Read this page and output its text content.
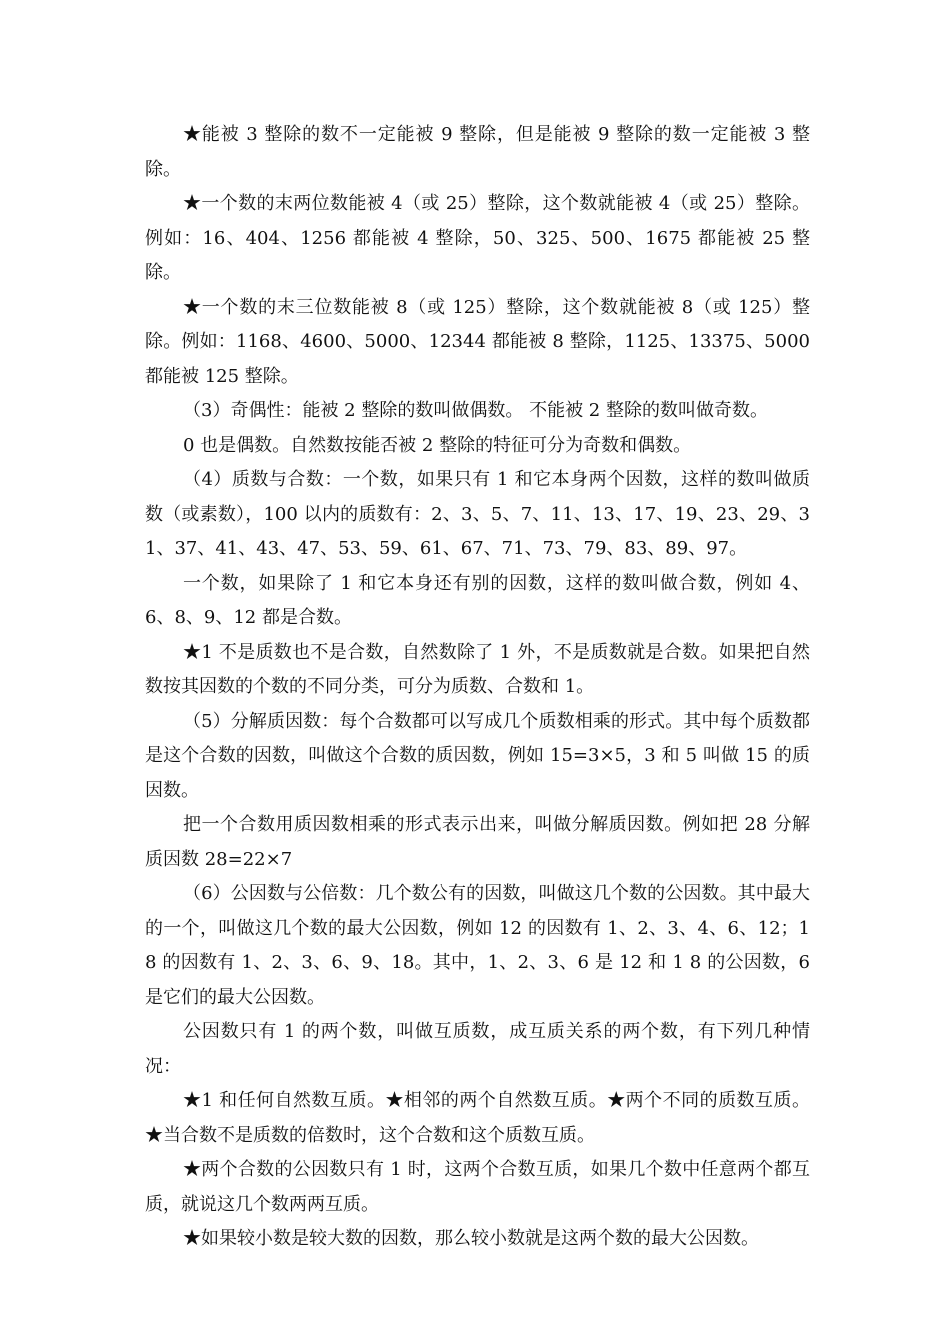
★能被 3 整除的数不一定能被 9 整除，但是能被 9 整除的数一定能被 3 整除。

★一个数的末两位数能被 4（或 25）整除，这个数就能被 4（或 25）整除。例如：16、404、1256 都能被 4 整除，50、325、500、1675 都能被 25 整除。

★一个数的末三位数能被 8（或 125）整除，这个数就能被 8（或 125）整除。例如：1168、4600、5000、12344 都能被 8 整除，1125、13375、5000 都能被 125 整除。

（3）奇偶性：能被 2 整除的数叫做偶数。 不能被 2 整除的数叫做奇数。

0 也是偶数。自然数按能否被 2 整除的特征可分为奇数和偶数。

（4）质数与合数：一个数，如果只有 1 和它本身两个因数，这样的数叫做质数（或素数），100 以内的质数有：2、3、5、7、11、13、17、19、23、29、31、37、41、43、47、53、59、61、67、71、73、79、83、89、97。

一个数，如果除了 1 和它本身还有别的因数，这样的数叫做合数，例如 4、6、8、9、12 都是合数。

★1 不是质数也不是合数，自然数除了 1 外，不是质数就是合数。如果把自然数按其因数的个数的不同分类，可分为质数、合数和 1。

（5）分解质因数：每个合数都可以写成几个质数相乘的形式。其中每个质数都是这个合数的因数，叫做这个合数的质因数，例如 15=3×5，3 和 5 叫做 15 的质因数。

把一个合数用质因数相乘的形式表示出来，叫做分解质因数。例如把 28 分解质因数 28=22×7

（6）公因数与公倍数：几个数公有的因数，叫做这几个数的公因数。其中最大的一个，叫做这几个数的最大公因数，例如 12 的因数有 1、2、3、4、6、12；18 的因数有 1、2、3、6、9、18。其中，1、2、3、6 是 12 和 1 8 的公因数，6 是它们的最大公因数。

公因数只有 1 的两个数，叫做互质数，成互质关系的两个数，有下列几种情况：

★1 和任何自然数互质。★相邻的两个自然数互质。★两个不同的质数互质。★当合数不是质数的倍数时，这个合数和这个质数互质。

★两个合数的公因数只有 1 时，这两个合数互质，如果几个数中任意两个都互质，就说这几个数两两互质。

★如果较小数是较大数的因数，那么较小数就是这两个数的最大公因数。
